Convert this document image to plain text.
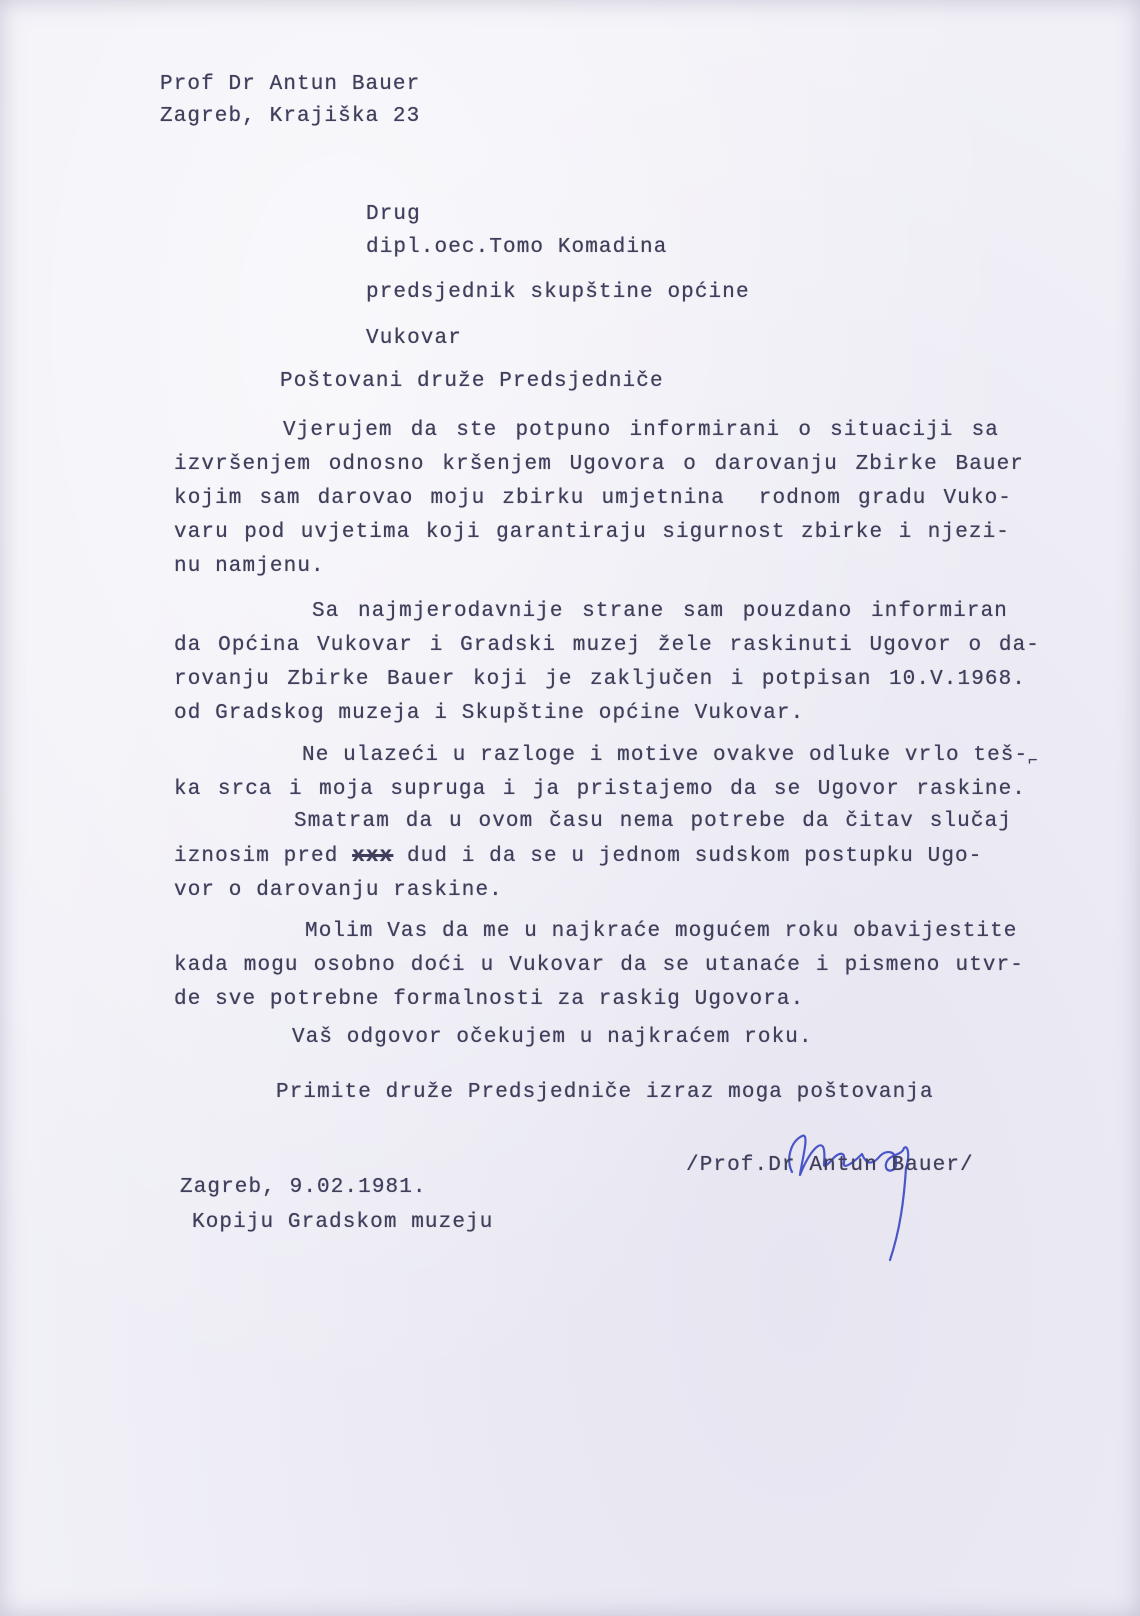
Prof Dr Antun Bauer
Zagreb, Krajiška 23
Drug
dipl.oec.Tomo Komadina
predsjednik skupštine općine
Vukovar
Poštovani druže Predsjedniče
Vjerujem da ste potpuno informirani o situaciji sa
izvršenjem odnosno kršenjem Ugovora o darovanju Zbirke Bauer
kojim sam darovao moju zbirku umjetnina  rodnom gradu Vuko-
varu pod uvjetima koji garantiraju sigurnost zbirke i njezi-
nu namjenu.
Sa najmjerodavnije strane sam pouzdano informiran
da Općina Vukovar i Gradski muzej žele raskinuti Ugovor o da-
rovanju Zbirke Bauer koji je zaključen i potpisan 10.V.1968.
od Gradskog muzeja i Skupštine općine Vukovar.
Ne ulazeći u razloge i motive ovakve odluke vrlo teš-
ka srca i moja supruga i ja pristajemo da se Ugovor raskine.
⌐
Smatram da u ovom času nema potrebe da čitav slučaj
iznosim pred xxx dud i da se u jednom sudskom postupku Ugo-
vor o darovanju raskine.
Molim Vas da me u najkraće mogućem roku obavijestite
kada mogu osobno doći u Vukovar da se utanaće i pismeno utvr-
de sve potrebne formalnosti za raskig Ugovora.
Vaš odgovor očekujem u najkraćem roku.
Primite druže Predsjedniče izraz moga poštovanja
/Prof.Dr Antun Bauer/
Zagreb, 9.02.1981.
Kopiju Gradskom muzeju
